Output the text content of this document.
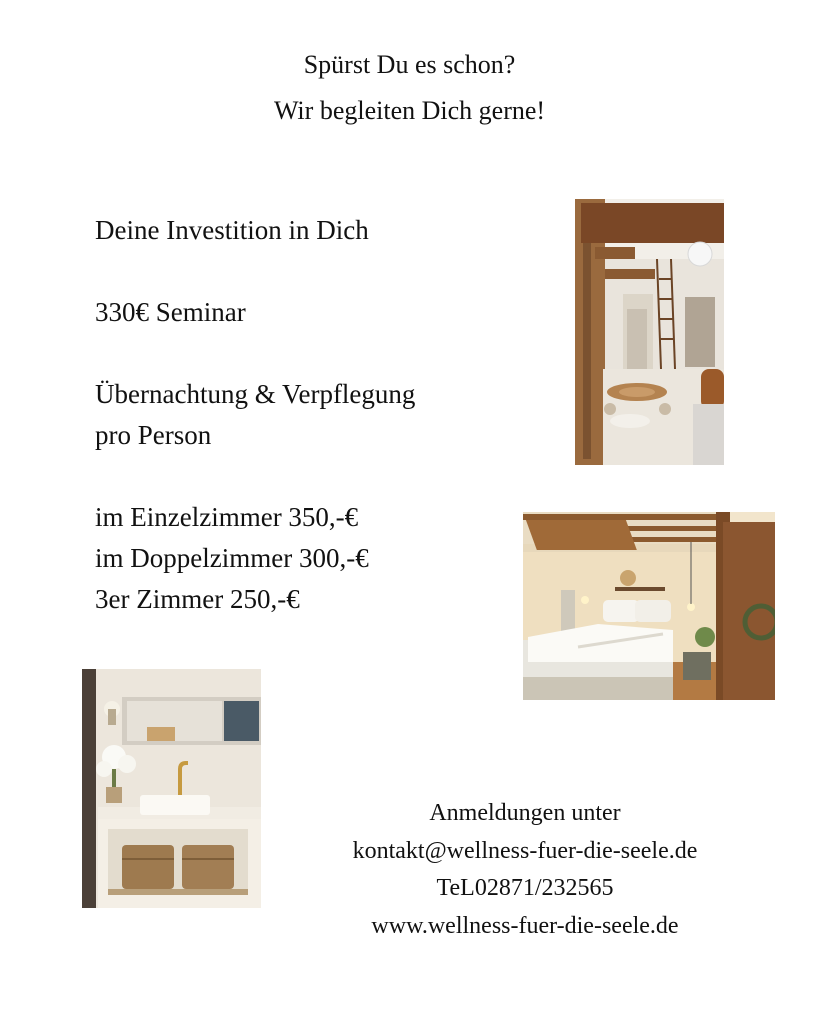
Spürst Du es schon?
Wir begleiten Dich gerne!
Deine Investition in Dich
330€ Seminar
Übernachtung & Verpflegung
pro Person
im Einzelzimmer 350,-€
im Doppelzimmer 300,-€
3er Zimmer 250,-€
Anmeldungen unter
kontakt@wellness-fuer-die-seele.de
TeL02871/232565
www.wellness-fuer-die-seele.de
